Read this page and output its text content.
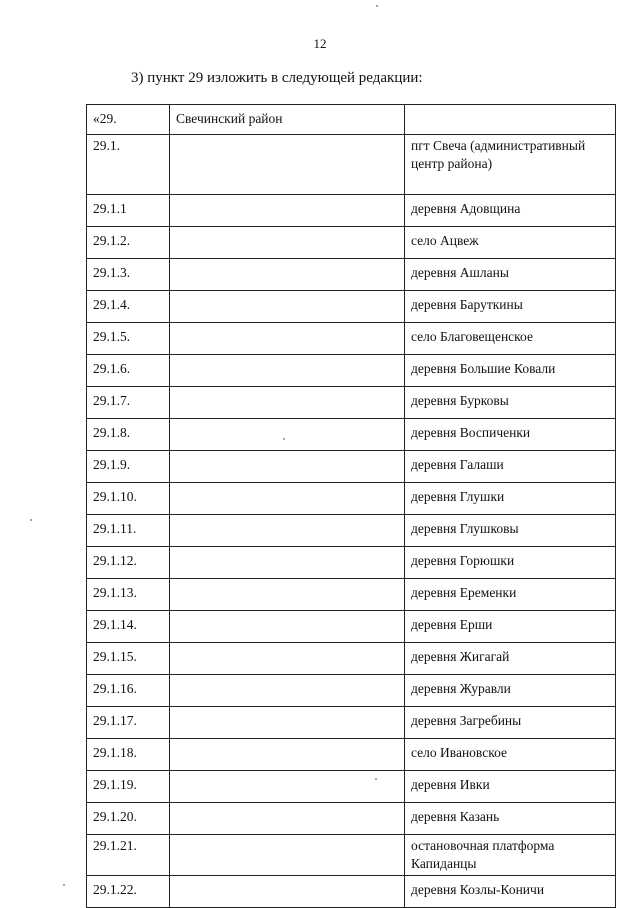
12
3) пункт 29 изложить в следующей редакции:
«29.	Свечинский район	
29.1.		пгт Свеча (административный центр района)
29.1.1		деревня Адовщина
29.1.2.		село Ацвеж
29.1.3.		деревня Ашланы
29.1.4.		деревня Баруткины
29.1.5.		село Благовещенское
29.1.6.		деревня Большие Ковали
29.1.7.		деревня Бурковы
29.1.8.		деревня Воспиченки
29.1.9.		деревня Галаши
29.1.10.		деревня Глушки
29.1.11.		деревня Глушковы
29.1.12.		деревня Горюшки
29.1.13.		деревня Еременки
29.1.14.		деревня Ерши
29.1.15.		деревня Жигагай
29.1.16.		деревня Журавли
29.1.17.		деревня Загребины
29.1.18.		село Ивановское
29.1.19.		деревня Ивки
29.1.20.		деревня Казань
29.1.21.		остановочная платформа Капиданцы
29.1.22.		деревня Козлы-Коничи
